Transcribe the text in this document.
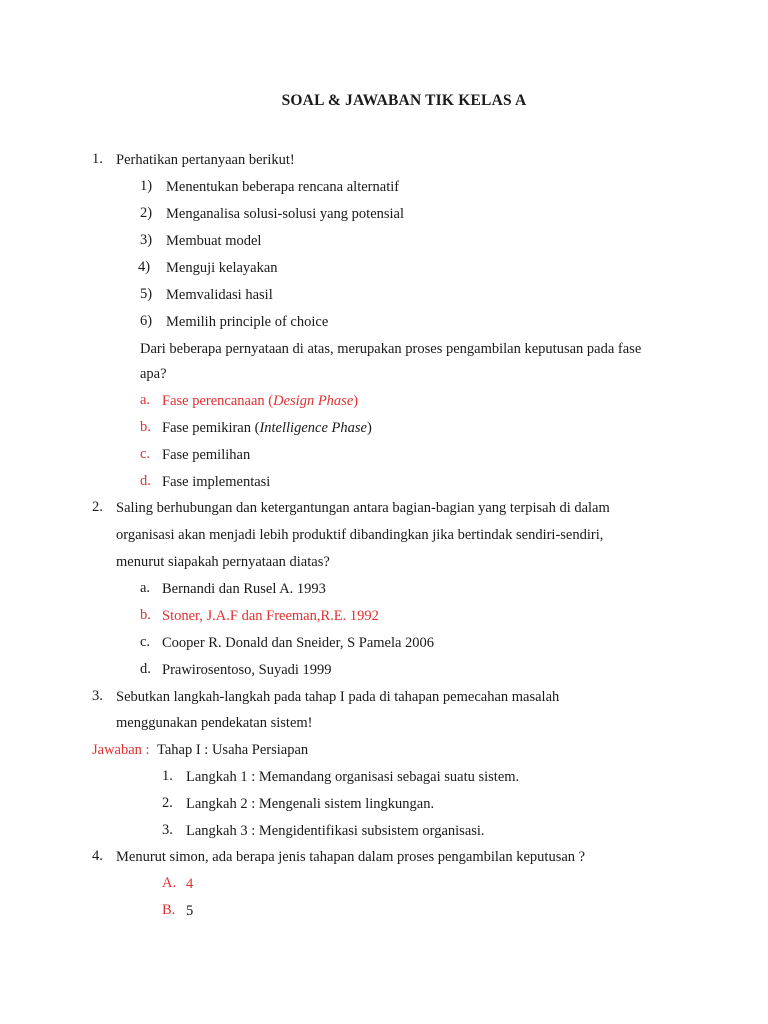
SOAL & JAWABAN TIK KELAS A
1. Perhatikan pertanyaan berikut!
1) Menentukan beberapa rencana alternatif
2) Menganalisa solusi-solusi yang potensial
3) Membuat model
4) Menguji kelayakan
5) Memvalidasi hasil
6) Memilih principle of choice
Dari beberapa pernyataan di atas, merupakan proses pengambilan keputusan pada fase
apa?
a. Fase perencanaan (Design Phase)
b. Fase pemikiran (Intelligence Phase)
c. Fase pemilihan
d. Fase implementasi
2. Saling berhubungan dan ketergantungan antara bagian-bagian yang terpisah di dalam
organisasi akan menjadi lebih produktif dibandingkan jika bertindak sendiri-sendiri,
menurut siapakah pernyataan diatas?
a. Bernandi dan Rusel A. 1993
b. Stoner, J.A.F dan Freeman,R.E. 1992
c. Cooper R. Donald dan Sneider, S Pamela 2006
d. Prawirosentoso, Suyadi 1999
3. Sebutkan langkah-langkah pada tahap I pada di tahapan pemecahan masalah
menggunakan pendekatan sistem!
Jawaban : Tahap I : Usaha Persiapan
1. Langkah 1 : Memandang organisasi sebagai suatu sistem.
2. Langkah 2 : Mengenali sistem lingkungan.
3. Langkah 3 : Mengidentifikasi subsistem organisasi.
4. Menurut simon, ada berapa jenis tahapan dalam proses pengambilan keputusan ?
A. 4
B. 5
